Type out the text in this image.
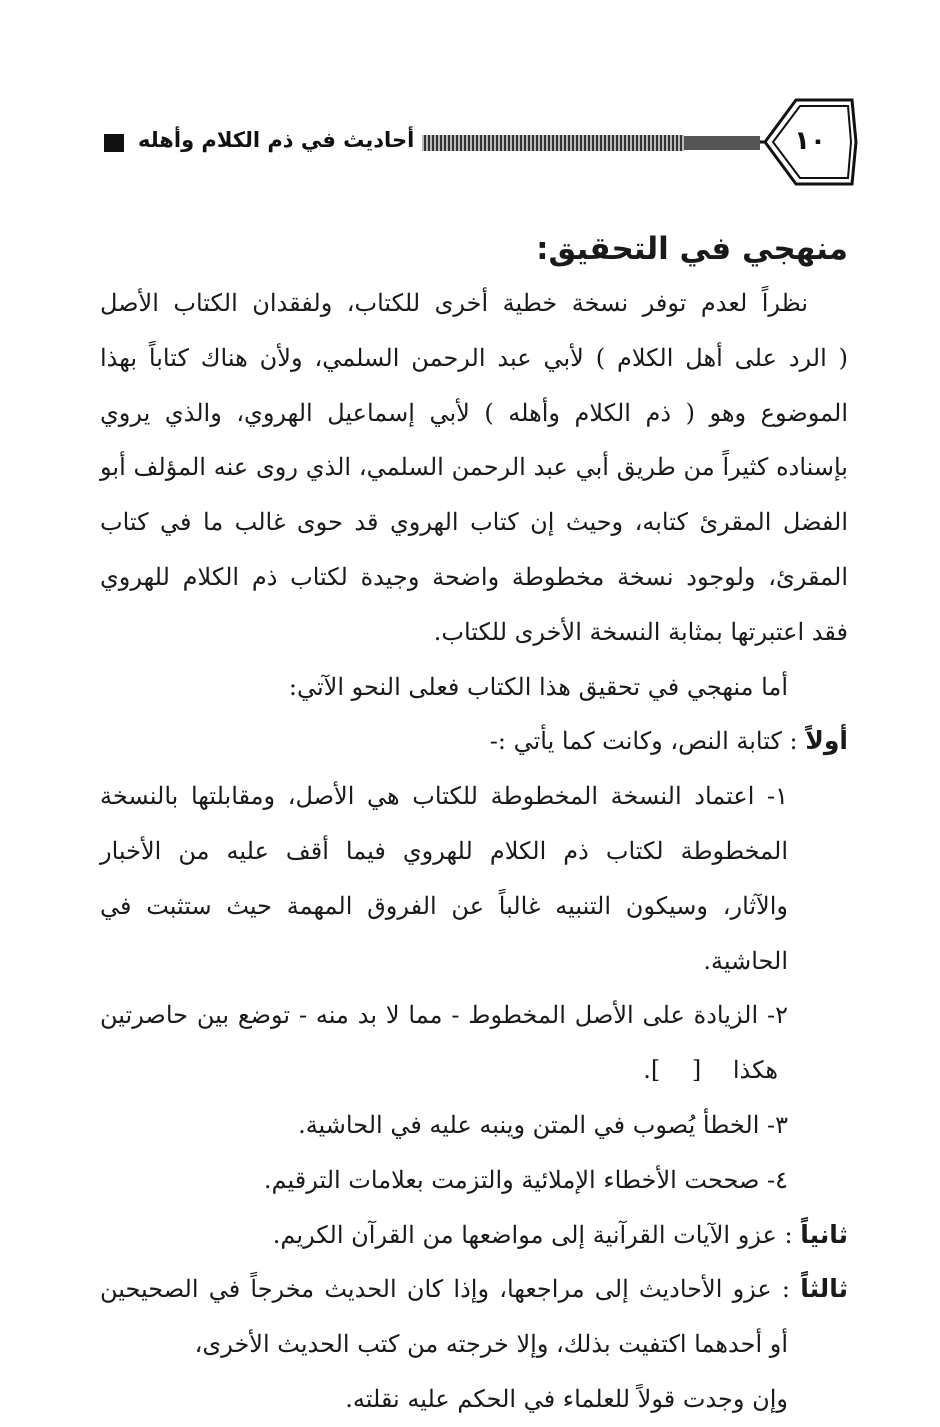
أحاديث في ذم الكلام وأهله	١٠
منهجي في التحقيق:
نظراً لعدم توفر نسخة خطية أخرى للكتاب، ولفقدان الكتاب الأصل
( الرد على أهل الكلام ) لأبي عبد الرحمن السلمي، ولأن هناك كتاباً بهذا
الموضوع وهو ( ذم الكلام وأهله ) لأبي إسماعيل الهروي، والذي يروي
بإسناده كثيراً من طريق أبي عبد الرحمن السلمي، الذي روى عنه المؤلف أبو
الفضل المقرئ كتابه، وحيث إن كتاب الهروي قد حوى غالب ما في كتاب
المقرئ، ولوجود نسخة مخطوطة واضحة وجيدة لكتاب ذم الكلام للهروي
فقد اعتبرتها بمثابة النسخة الأخرى للكتاب.
أما منهجي في تحقيق هذا الكتاب فعلى النحو الآتي:
أولاً : كتابة النص، وكانت كما يأتي :-
١- اعتماد النسخة المخطوطة للكتاب هي الأصل، ومقابلتها بالنسخة
المخطوطة لكتاب ذم الكلام للهروي فيما أقف عليه من الأخبار
والآثار، وسيكون التنبيه غالباً عن الفروق المهمة حيث ستثبت في
الحاشية.
٢- الزيادة على الأصل المخطوط - مما لا بد منه - توضع بين حاصرتين
هكذا [ ].
٣- الخطأ يُصوب في المتن وينبه عليه في الحاشية.
٤- صححت الأخطاء الإملائية والتزمت بعلامات الترقيم.
ثانياً : عزو الآيات القرآنية إلى مواضعها من القرآن الكريم.
ثالثاً : عزو الأحاديث إلى مراجعها، وإذا كان الحديث مخرجاً في الصحيحين
أو أحدهما اكتفيت بذلك، وإلا خرجته من كتب الحديث الأخرى،
وإن وجدت قولاً للعلماء في الحكم عليه نقلته.
